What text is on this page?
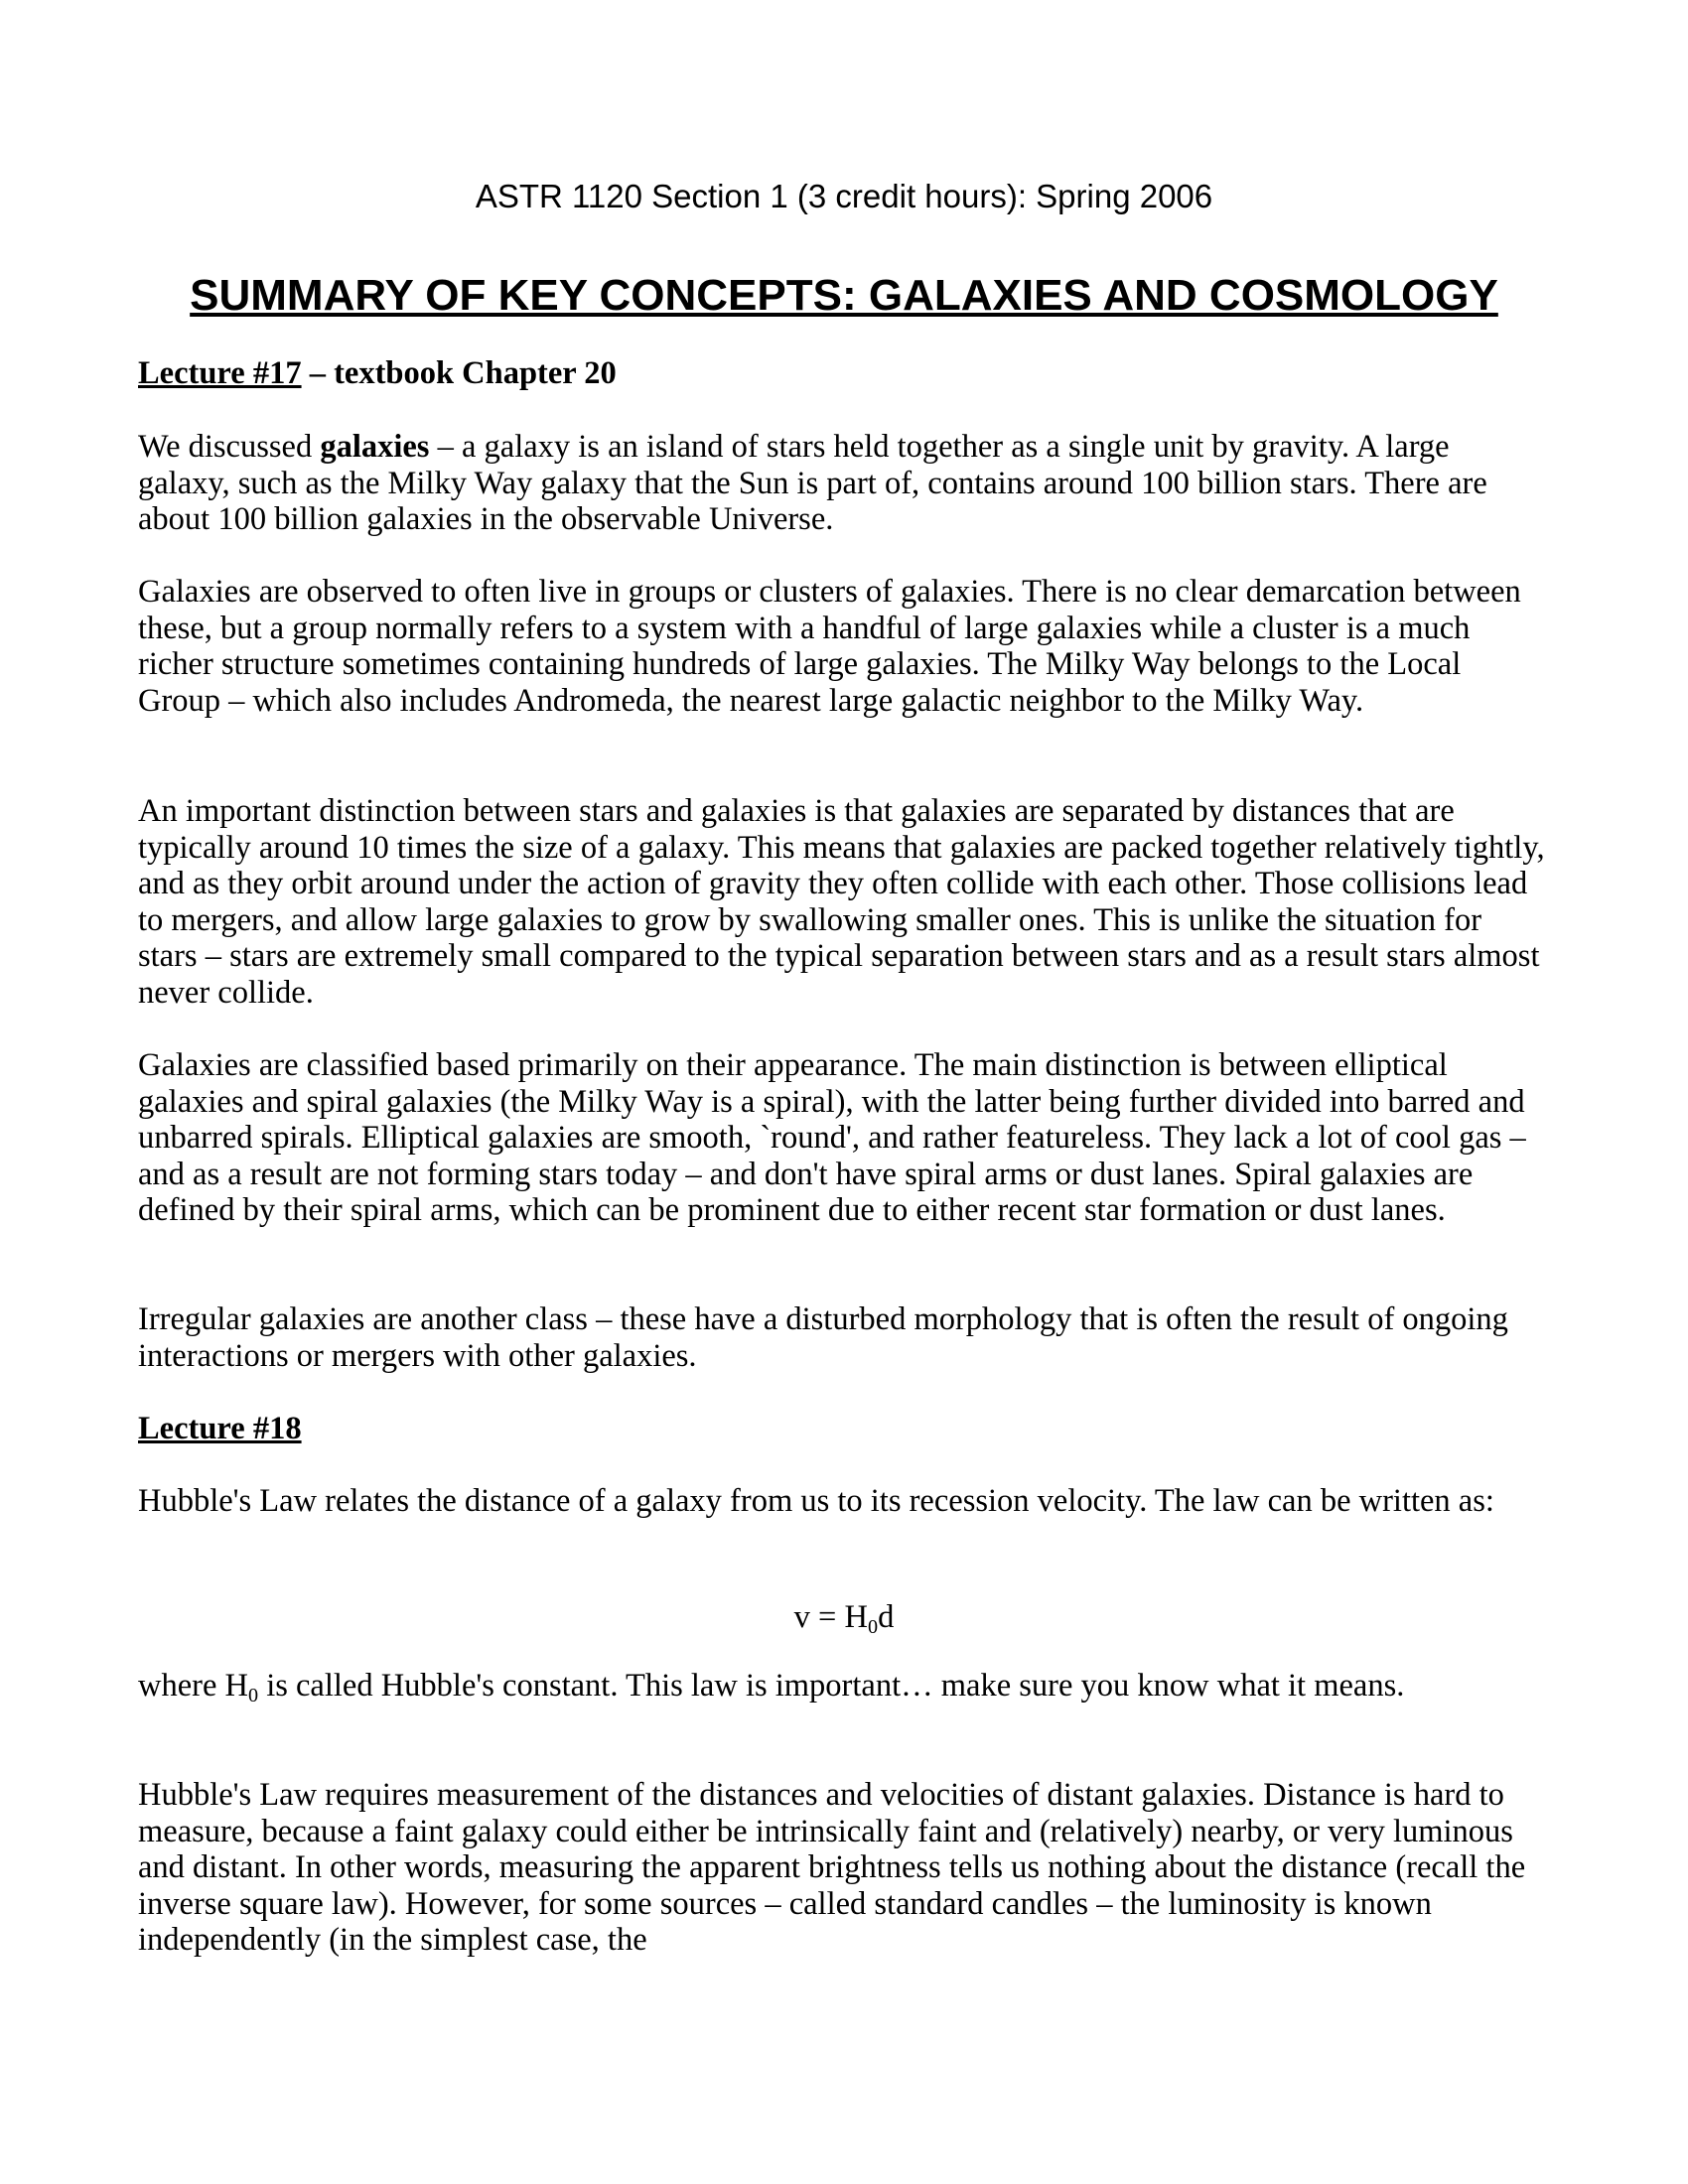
ASTR 1120 Section 1 (3 credit hours): Spring 2006
SUMMARY OF KEY CONCEPTS: GALAXIES AND COSMOLOGY

Lecture #17 – textbook Chapter 20

We discussed galaxies – a galaxy is an island of stars held together as a single unit by gravity. A large galaxy, such as the Milky Way galaxy that the Sun is part of, contains around 100 billion stars. There are about 100 billion galaxies in the observable Universe.

Galaxies are observed to often live in groups or clusters of galaxies. There is no clear demarcation between these, but a group normally refers to a system with a handful of large galaxies while a cluster is a much richer structure sometimes containing hundreds of large galaxies. The Milky Way belongs to the Local Group – which also includes Andromeda, the nearest large galactic neighbor to the Milky Way.
An important distinction between stars and galaxies is that galaxies are separated by distances that are typically around 10 times the size of a galaxy. This means that galaxies are packed together relatively tightly, and as they orbit around under the action of gravity they often collide with each other. Those collisions lead to mergers, and allow large galaxies to grow by swallowing smaller ones. This is unlike the situation for stars – stars are extremely small compared to the typical separation between stars and as a result stars almost never collide.
Galaxies are classified based primarily on their appearance. The main distinction is between elliptical galaxies and spiral galaxies (the Milky Way is a spiral), with the latter being further divided into barred and unbarred spirals. Elliptical galaxies are smooth, `round', and rather featureless. They lack a lot of cool gas – and as a result are not forming stars today – and don't have spiral arms or dust lanes. Spiral galaxies are defined by their spiral arms, which can be prominent due to either recent star formation or dust lanes.
Irregular galaxies are another class – these have a disturbed morphology that is often the result of ongoing interactions or mergers with other galaxies.

Lecture #18

Hubble's Law relates the distance of a galaxy from us to its recession velocity. The law can be written as:
$v = H_0d$

where $H_0$ is called Hubble's constant. This law is important… make sure you know what it means.

Hubble's Law requires measurement of the distances and velocities of distant galaxies. Distance is hard to measure, because a faint galaxy could either be intrinsically faint and (relatively) nearby, or very luminous and distant. In other words, measuring the apparent brightness tells us nothing about the distance (recall the inverse square law). However, for some sources – called standard candles – the luminosity is known independently (in the simplest case, the
